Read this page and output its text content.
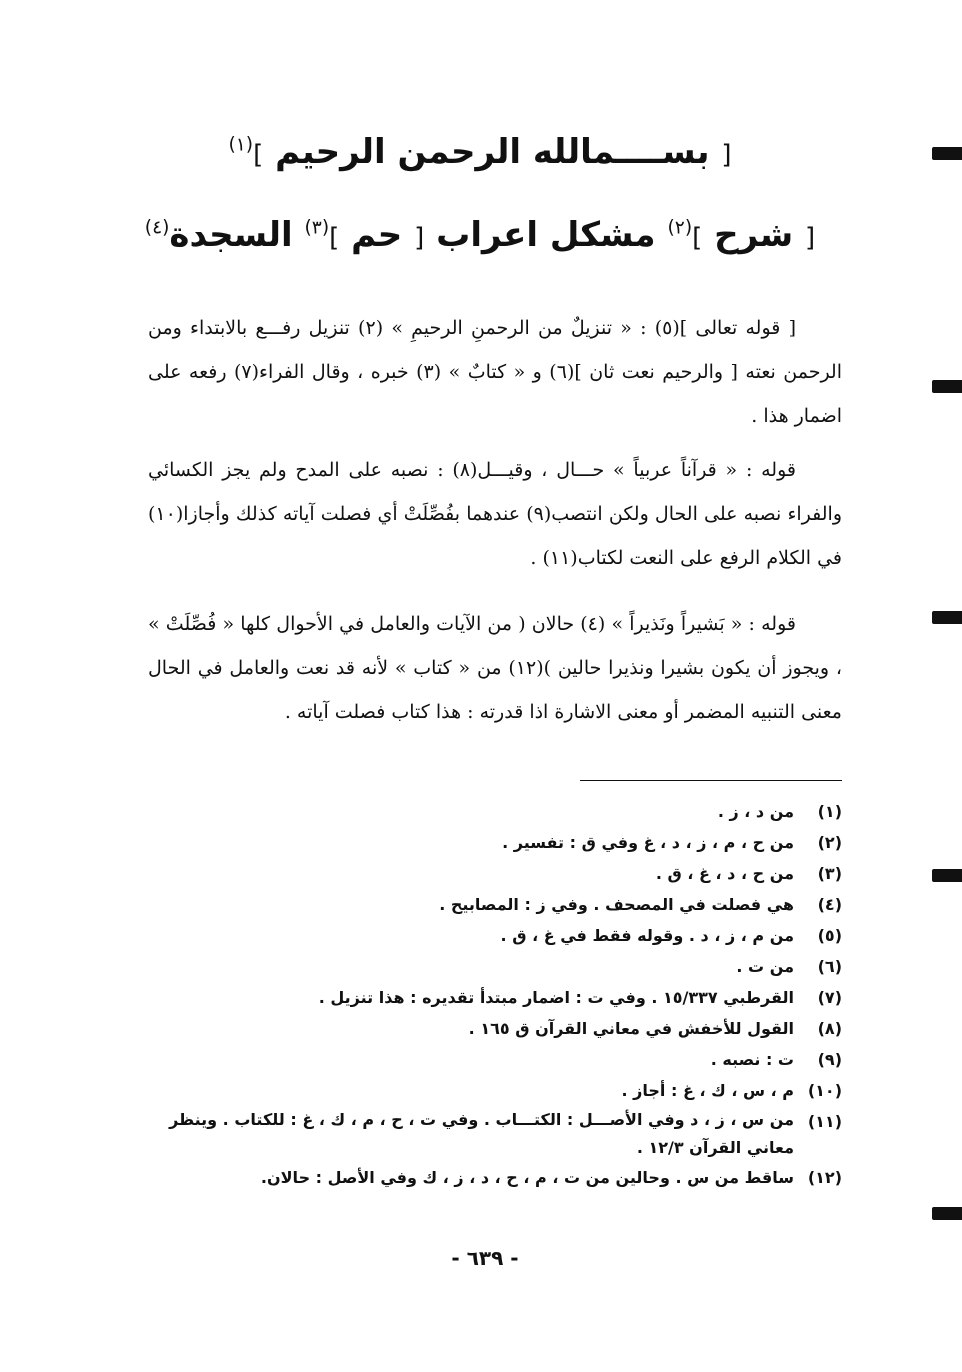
[ بســــمالله الرحمن الرحيم ]$^{(١)}$
[ شرح ]$^{(٢)}$ مشكل اعراب [ حم ]$^{(٣)}$ السجدة$^{(٤)}$
[ قوله تعالى ](٥) : « تنزيلٌ من الرحمنِ الرحيمِ » (٢) تنزيل رفـــع بالابتداء ومن الرحمن نعته [ والرحيم نعت ثان ](٦) و « كتابٌ » (٣) خبره ، وقال الفراء(٧) رفعه على اضمار هذا .
قوله : « قرآناً عربياً » حـــال ، وقيـــل(٨) : نصبه على المدح ولم يجز الكسائي والفراء نصبه على الحال ولكن انتصب(٩) عندهما بفُصِّلَتْ أي فصلت آياته كذلك وأجازا(١٠) في الكلام الرفع على النعت لكتاب(١١) .
قوله : « بَشيراً ونَذيراً » (٤) حالان ( من الآيات والعامل في الأحوال كلها « فُصِّلَتْ » ، ويجوز أن يكون بشيرا ونذيرا حالين )(١٢) من « كتاب » لأنه قد نعت والعامل في الحال معنى التنبيه المضمر أو معنى الاشارة اذا قدرته : هذا كتاب فصلت آياته .
(١)
من د ، ز .
(٢)
من ح ، م ، ز ، د ، غ وفي ق : تفسير .
(٣)
من ح ، د ، غ ، ق .
(٤)
هي فصلت في المصحف . وفي ز : المصابيح .
(٥)
من م ، ز ، د . وقوله فقط في غ ، ق .
(٦)
من ت .
(٧)
القرطبي ١٥/٣٣٧ . وفي ت : اضمار مبتدأ تقديره : هذا تنزيل .
(٨)
القول للأخفش في معاني القرآن ق ١٦٥ .
(٩)
ت : نصبه .
(١٠)
م ، س ، ك ، غ : أجاز .
(١١)
من س ، ز ، د وفي الأصـــل : الكتـــاب . وفي ت ، ح ، م ، ك ، غ : للكتاب . وينظر معاني القرآن ١٢/٣ .
(١٢)
ساقط من س . وحالين من ت ، م ، ح ، د ، ز ، ك وفي الأصل : حالان.
- ٦٣٩ -
